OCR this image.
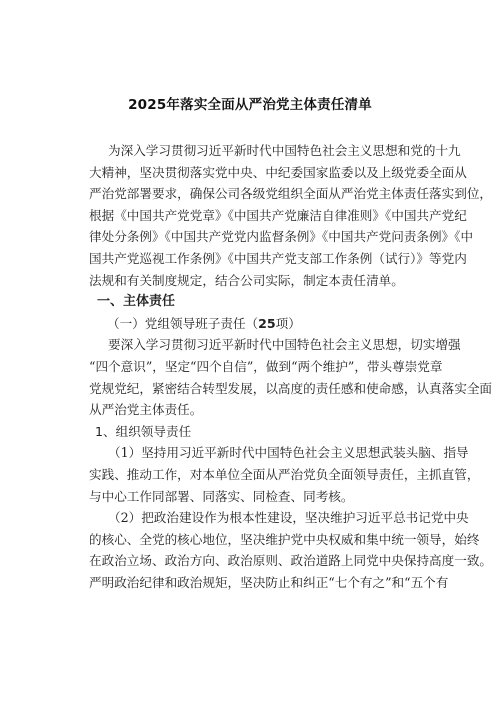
2025年落实全面从严治党主体责任清单
为深入学习贯彻习近平新时代中国特色社会主义思想和党的十九
大精神，坚决贯彻落实党中央、中纪委国家监委以及上级党委全面从
严治党部署要求，确保公司各级党组织全面从严治党主体责任落实到位，
根据《中国共产党党章》《中国共产党廉洁自律准则》《中国共产党纪
律处分条例》《中国共产党党内监督条例》《中国共产党问责条例》《中
国共产党巡视工作条例》《中国共产党支部工作条例（试行）》等党内
法规和有关制度规定，结合公司实际，制定本责任清单。
一、主体责任
（一）党组领导班子责任（25项）
要深入学习贯彻习近平新时代中国特色社会主义思想，切实增强
“四个意识”，坚定“四个自信”，做到“两个维护”，带头尊崇党章
党规党纪，紧密结合转型发展，以高度的责任感和使命感，认真落实全面
从严治党主体责任。
1、组织领导责任
（1）坚持用习近平新时代中国特色社会主义思想武装头脑、指导
实践、推动工作，对本单位全面从严治党负全面领导责任，主抓直管，
与中心工作同部署、同落实、同检查、同考核。
（2）把政治建设作为根本性建设，坚决维护习近平总书记党中央
的核心、全党的核心地位，坚决维护党中央权威和集中统一领导，始终
在政治立场、政治方向、政治原则、政治道路上同党中央保持高度一致。
严明政治纪律和政治规矩，坚决防止和纠正“七个有之”和“五个有
